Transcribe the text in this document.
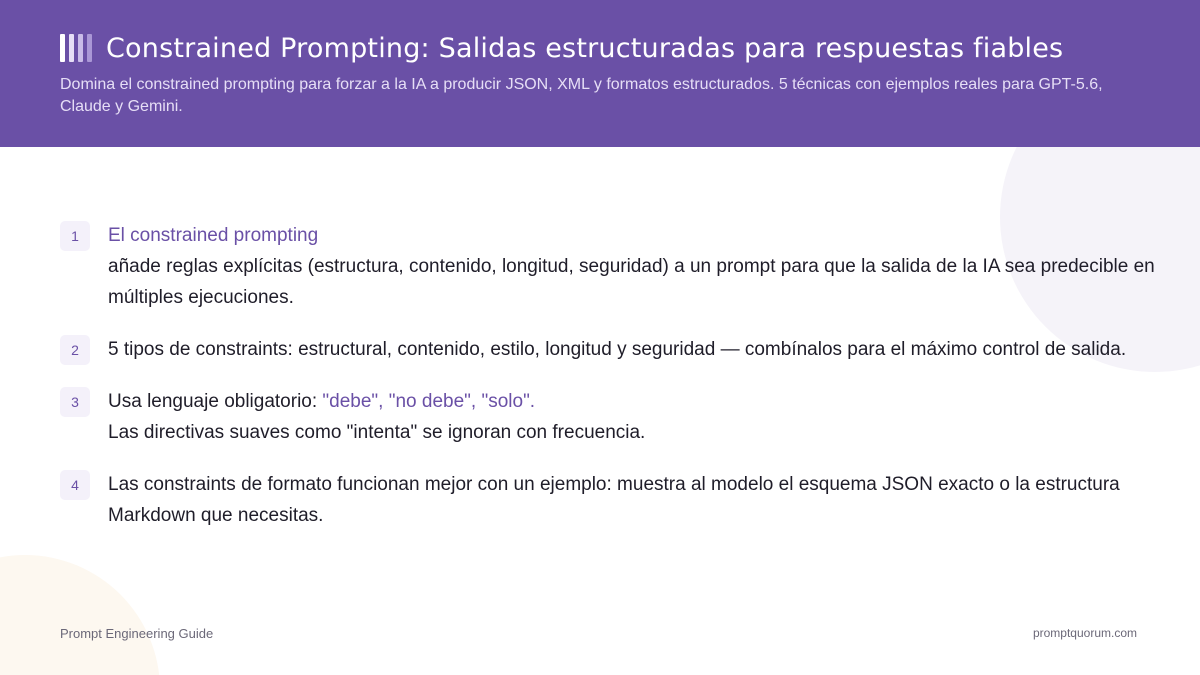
Constrained Prompting: Salidas estructuradas para respuestas fiables

Domina el constrained prompting para forzar a la IA a producir JSON, XML y formatos estructurados. 5 técnicas con ejemplos reales para GPT-5.6, Claude y Gemini.

1	El constrained prompting
añade reglas explícitas (estructura, contenido, longitud, seguridad) a un prompt para que la salida de la IA sea predecible en múltiples ejecuciones.
2	5 tipos de constraints: estructural, contenido, estilo, longitud y seguridad — combínalos para el máximo control de salida.
3	Usa lenguaje obligatorio: "debe", "no debe", "solo".
Las directivas suaves como "intenta" se ignoran con frecuencia.
4	Las constraints de formato funcionan mejor con un ejemplo: muestra al modelo el esquema JSON exacto o la estructura Markdown que necesitas.
Prompt Engineering Guide	promptquorum.com
